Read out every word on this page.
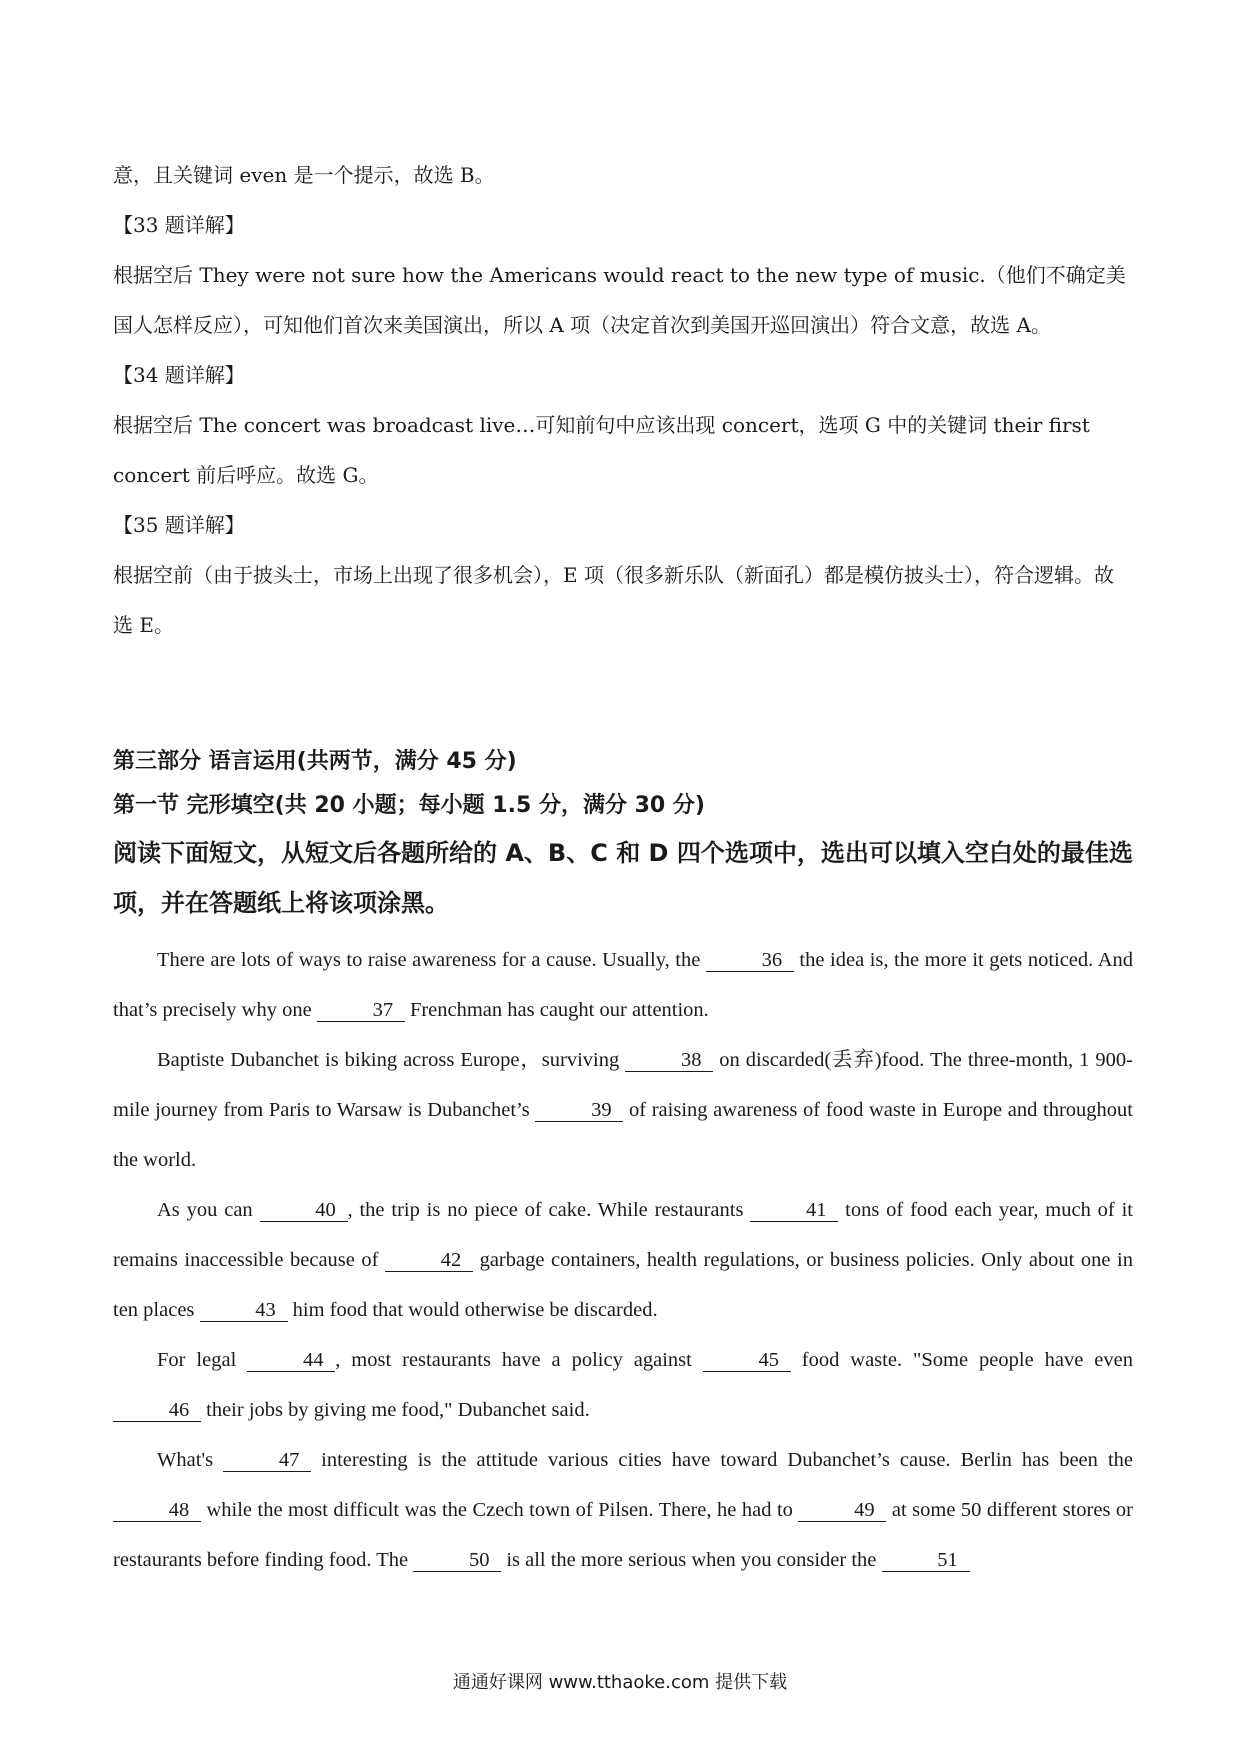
意，且关键词 even 是一个提示，故选 B。

【33 题详解】

根据空后 They were not sure how the Americans would react to the new type of music.（他们不确定美国人怎样反应），可知他们首次来美国演出，所以 A 项（决定首次到美国开巡回演出）符合文意，故选 A。

【34 题详解】

根据空后 The concert was broadcast live…可知前句中应该出现 concert，选项 G 中的关键词 their first concert 前后呼应。故选 G。

【35 题详解】

根据空前（由于披头士，市场上出现了很多机会），E 项（很多新乐队（新面孔）都是模仿披头士），符合逻辑。故选 E。

第三部分 语言运用(共两节，满分 45 分)

第一节 完形填空(共 20 小题；每小题 1.5 分，满分 30 分)

阅读下面短文，从短文后各题所给的 A、B、C 和 D 四个选项中，选出可以填入空白处的最佳选项，并在答题纸上将该项涂黑。

There are lots of ways to raise awareness for a cause. Usually, the	36 the idea is, the more it gets noticed. And that’s precisely why one	37 Frenchman has caught our attention.

Baptiste Dubanchet is biking across Europe，surviving	38 on discarded(丢弃)food. The three-month, 1 900-mile journey from Paris to Warsaw is Dubanchet’s	39 of raising awareness of food waste in Europe and throughout the world.

As you can	40 , the trip is no piece of cake. While restaurants	41 tons of food each year, much of it remains inaccessible because of	42 garbage containers, health regulations, or business policies. Only about one in ten places	43 him food that would otherwise be discarded.

For legal	44 , most restaurants have a policy against	45 food waste. "Some people have even 46 their jobs by giving me food," Dubanchet said.

What's	47 interesting is the attitude various cities have toward Dubanchet’s cause. Berlin has been the 48 while the most difficult was the Czech town of Pilsen. There, he had to	49 at some 50 different stores or restaurants before finding food. The	50 is all the more serious when you consider the	51

通通好课网 www.tthaoke.com 提供下载
